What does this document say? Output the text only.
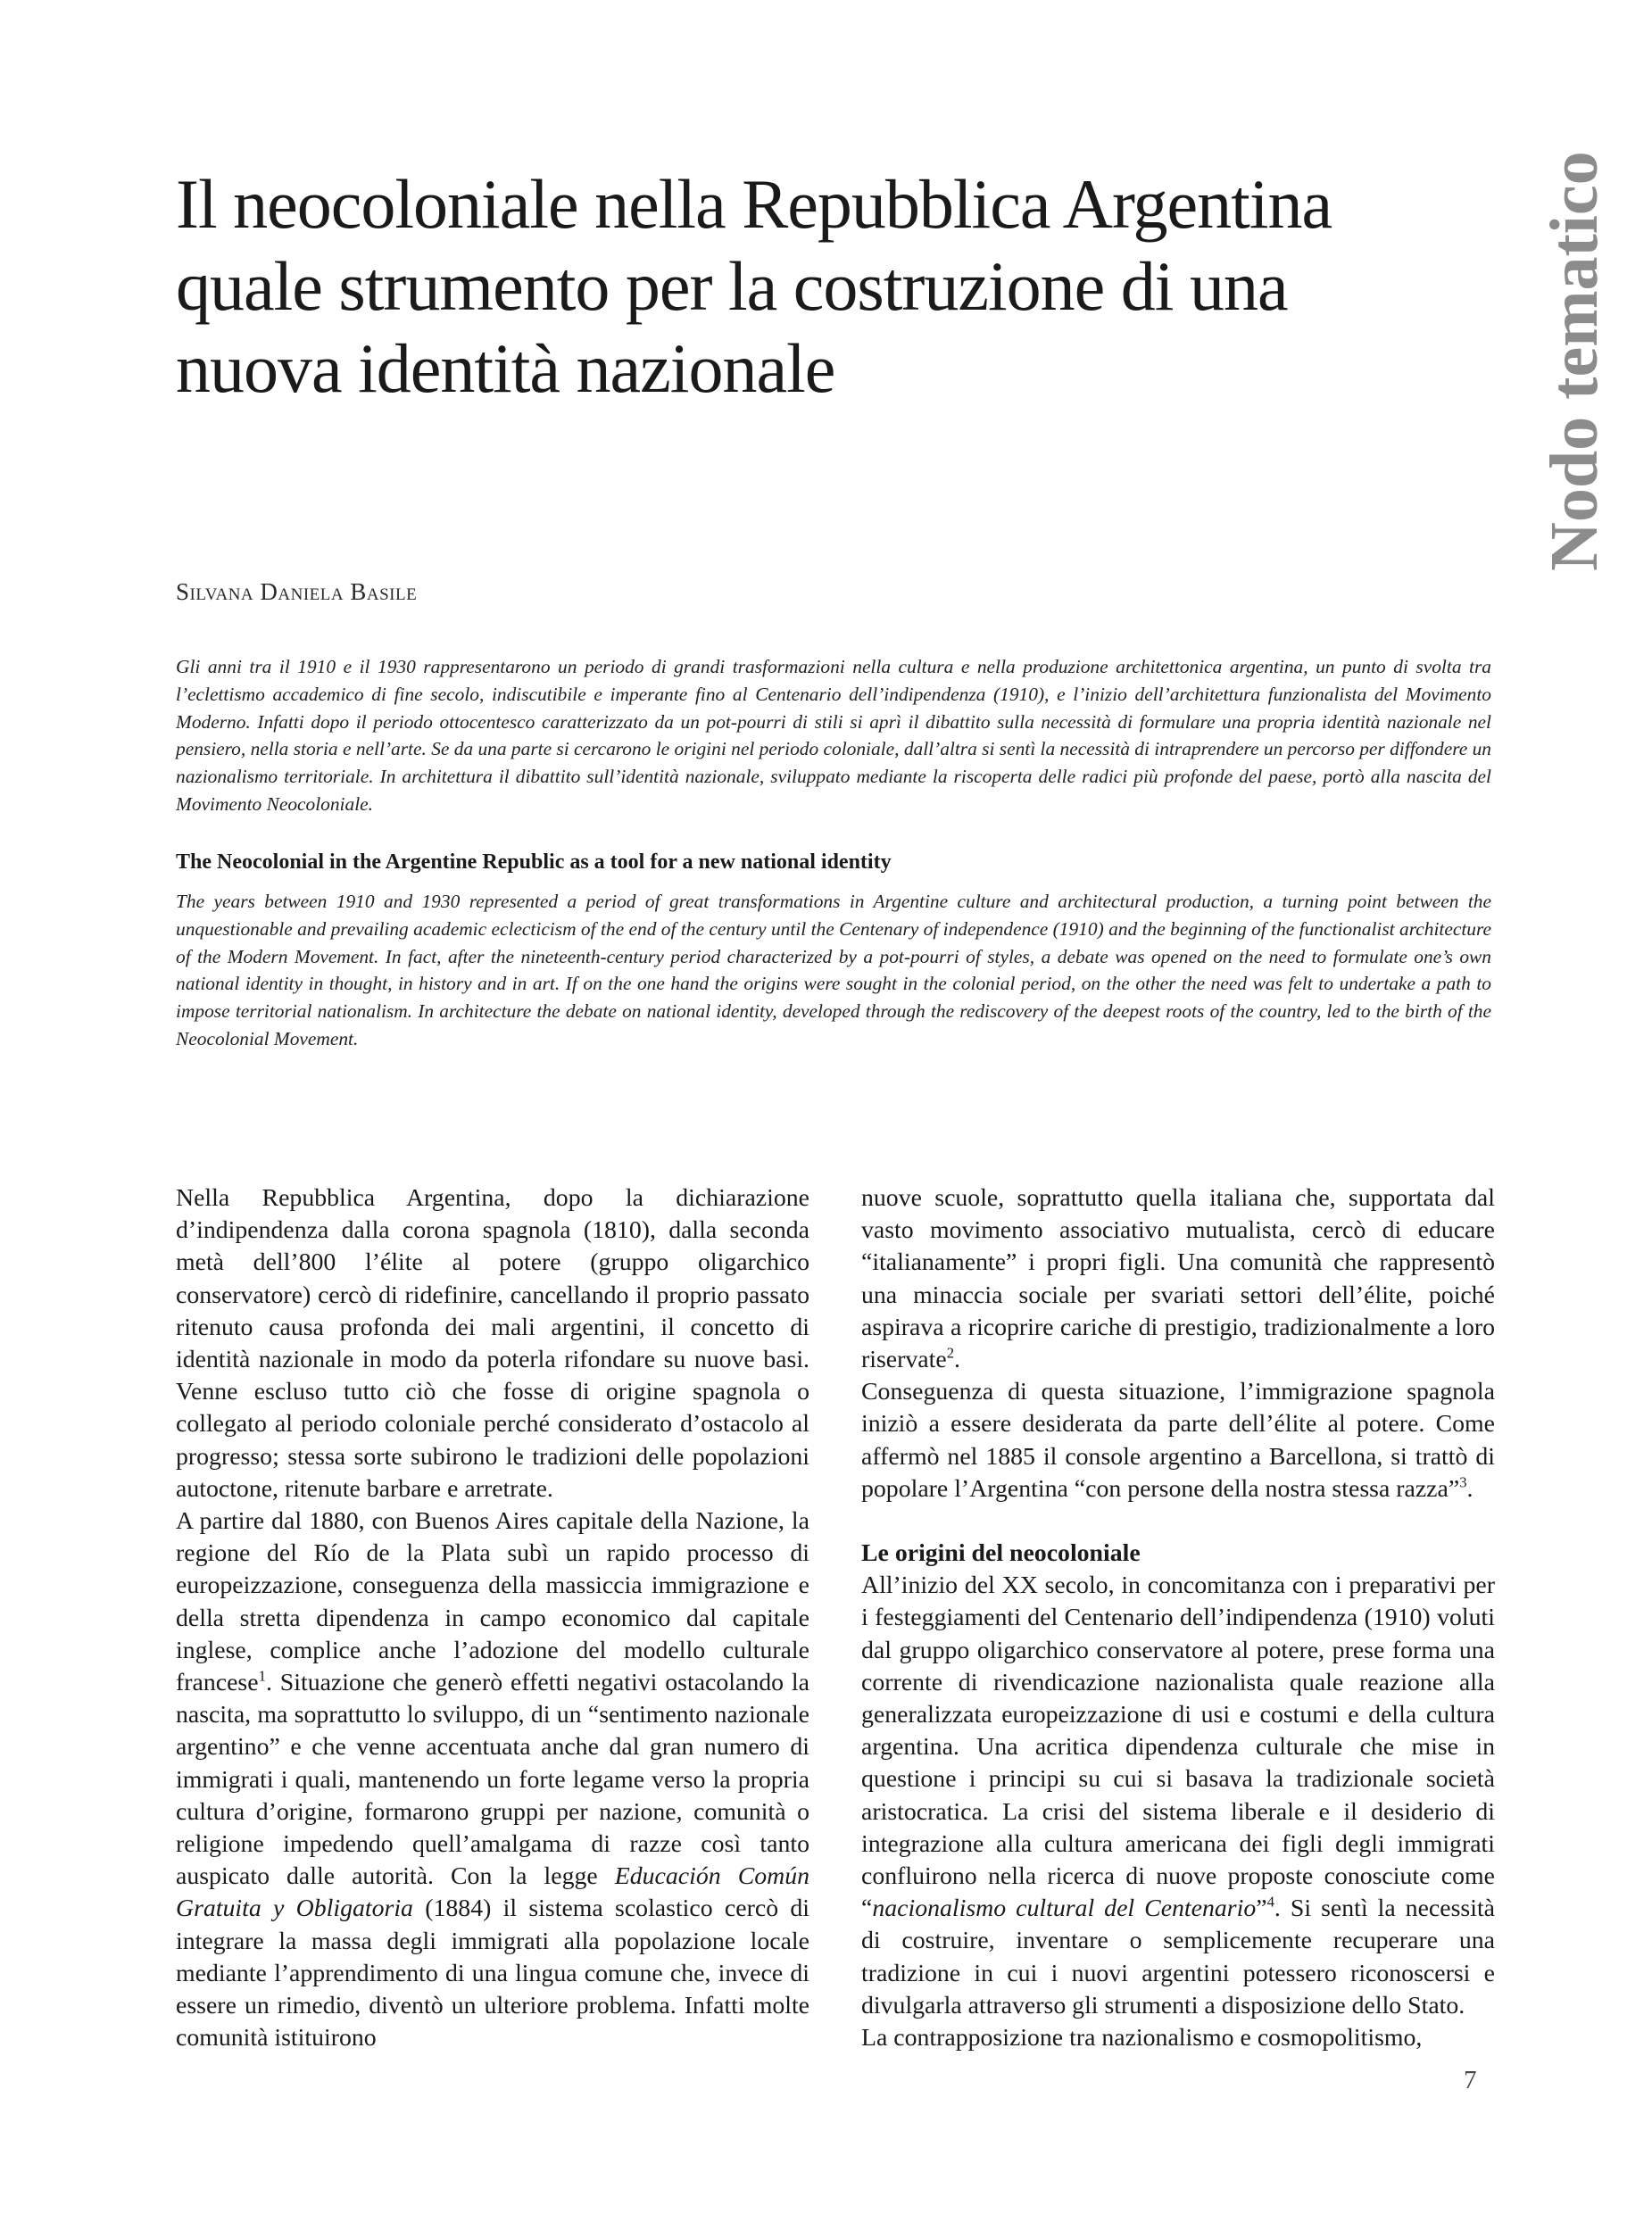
Il neocoloniale nella Repubblica Argentina
quale strumento per la costruzione di una
nuova identità nazionale	Nodo tematico

Silvana Daniela Basile

Gli anni tra il 1910 e il 1930 rappresentarono un periodo di grandi trasformazioni nella cultura e nella produzione architettonica argentina, un punto di svolta tra l’eclettismo accademico di fine secolo, indiscutibile e imperante fino al Centenario dell’indipendenza (1910), e l’inizio dell’architettura funzionalista del Movimento Moderno. Infatti dopo il periodo ottocentesco caratterizzato da un pot-pourri di stili si aprì il dibattito sulla necessità di formulare una propria identità nazionale nel pensiero, nella storia e nell’arte. Se da una parte si cercarono le origini nel periodo coloniale, dall’altra si sentì la necessità di intraprendere un percorso per diffondere un nazionalismo territoriale. In architettura il dibattito sull’identità nazionale, sviluppato mediante la riscoperta delle radici più profonde del paese, portò alla nascita del Movimento Neocoloniale.

The Neocolonial in the Argentine Republic as a tool for a new national identity

The years between 1910 and 1930 represented a period of great transformations in Argentine culture and architectural production, a turning point between the unquestionable and prevailing academic eclecticism of the end of the century until the Centenary of independence (1910) and the beginning of the functionalist architecture of the Modern Movement. In fact, after the nineteenth-century period characterized by a pot-pourri of styles, a debate was opened on the need to formulate one’s own national identity in thought, in history and in art. If on the one hand the origins were sought in the colonial period, on the other the need was felt to undertake a path to impose territorial nationalism. In architecture the debate on national identity, developed through the rediscovery of the deepest roots of the country, led to the birth of the Neocolonial Movement.

Nella Repubblica Argentina, dopo la dichiarazione d’indipendenza dalla corona spagnola (1810), dalla seconda metà dell’800 l’élite al potere (gruppo oligarchico conservatore) cercò di ridefinire, cancellando il proprio passato ritenuto causa profonda dei mali argentini, il concetto di identità nazionale in modo da poterla rifondare su nuove basi. Venne escluso tutto ciò che fosse di origine spagnola o collegato al periodo coloniale perché considerato d’ostacolo al progresso; stessa sorte subirono le tradizioni delle popolazioni autoctone, ritenute barbare e arretrate.

A partire dal 1880, con Buenos Aires capitale della Nazione, la regione del Río de la Plata subì un rapido processo di europeizzazione, conseguenza della massiccia immigrazione e della stretta dipendenza in campo economico dal capitale inglese, complice anche l’adozione del modello culturale francese$^1$. Situazione che generò effetti negativi ostacolando la nascita, ma soprattutto lo sviluppo, di un “sentimento nazionale argentino” e che venne accentuata anche dal gran numero di immigrati i quali, mantenendo un forte legame verso la propria cultura d’origine, formarono gruppi per nazione, comunità o religione impedendo quell’amalgama di razze così tanto auspicato dalle autorità. Con la legge Educación Común Gratuita y Obligatoria (1884) il sistema scolastico cercò di integrare la massa degli immigrati alla popolazione locale mediante l’apprendimento di una lingua comune che, invece di essere un rimedio, diventò un ulteriore problema. Infatti molte comunità istituirono

nuove scuole, soprattutto quella italiana che, supportata dal vasto movimento associativo mutualista, cercò di educare “italianamente” i propri figli. Una comunità che rappresentò una minaccia sociale per svariati settori dell’élite, poiché aspirava a ricoprire cariche di prestigio, tradizionalmente a loro riservate$^2$.

Conseguenza di questa situazione, l’immigrazione spagnola iniziò a essere desiderata da parte dell’élite al potere. Come affermò nel 1885 il console argentino a Barcellona, si trattò di popolare l’Argentina “con persone della nostra stessa razza”$^3$.

Le origini del neocoloniale

All’inizio del XX secolo, in concomitanza con i preparativi per i festeggiamenti del Centenario dell’indipendenza (1910) voluti dal gruppo oligarchico conservatore al potere, prese forma una corrente di rivendicazione nazionalista quale reazione alla generalizzata europeizzazione di usi e costumi e della cultura argentina. Una acritica dipendenza culturale che mise in questione i principi su cui si basava la tradizionale società aristocratica. La crisi del sistema liberale e il desiderio di integrazione alla cultura americana dei figli degli immigrati confluirono nella ricerca di nuove proposte conosciute come “nacionalismo cultural del Centenario”$^4$. Si sentì la necessità di costruire, inventare o semplicemente recuperare una tradizione in cui i nuovi argentini potessero riconoscersi e divulgarla attraverso gli strumenti a disposizione dello Stato.

La contrapposizione tra nazionalismo e cosmopolitismo,

7
